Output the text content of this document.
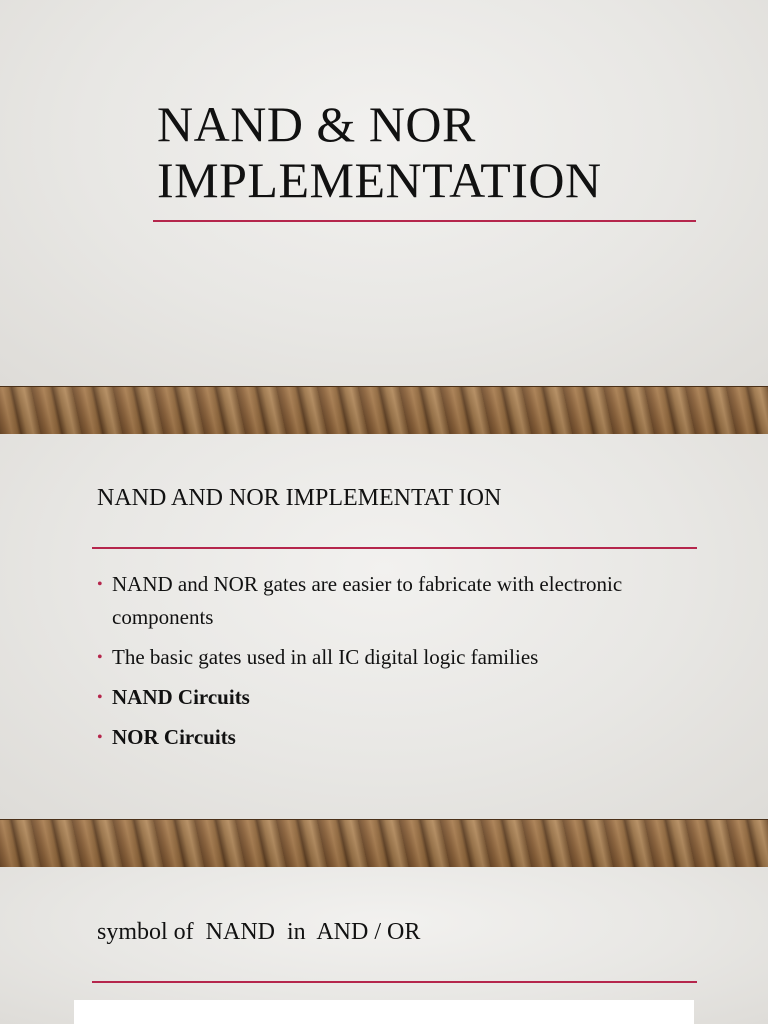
NAND & NOR
IMPLEMENTATION
NAND AND NOR IMPLEMENTAT ION
• NAND and NOR gates are easier to fabricate with electronic components
• The basic gates used in all IC digital logic families
• NAND Circuits
• NOR Circuits
symbol of  NAND  in  AND / OR
